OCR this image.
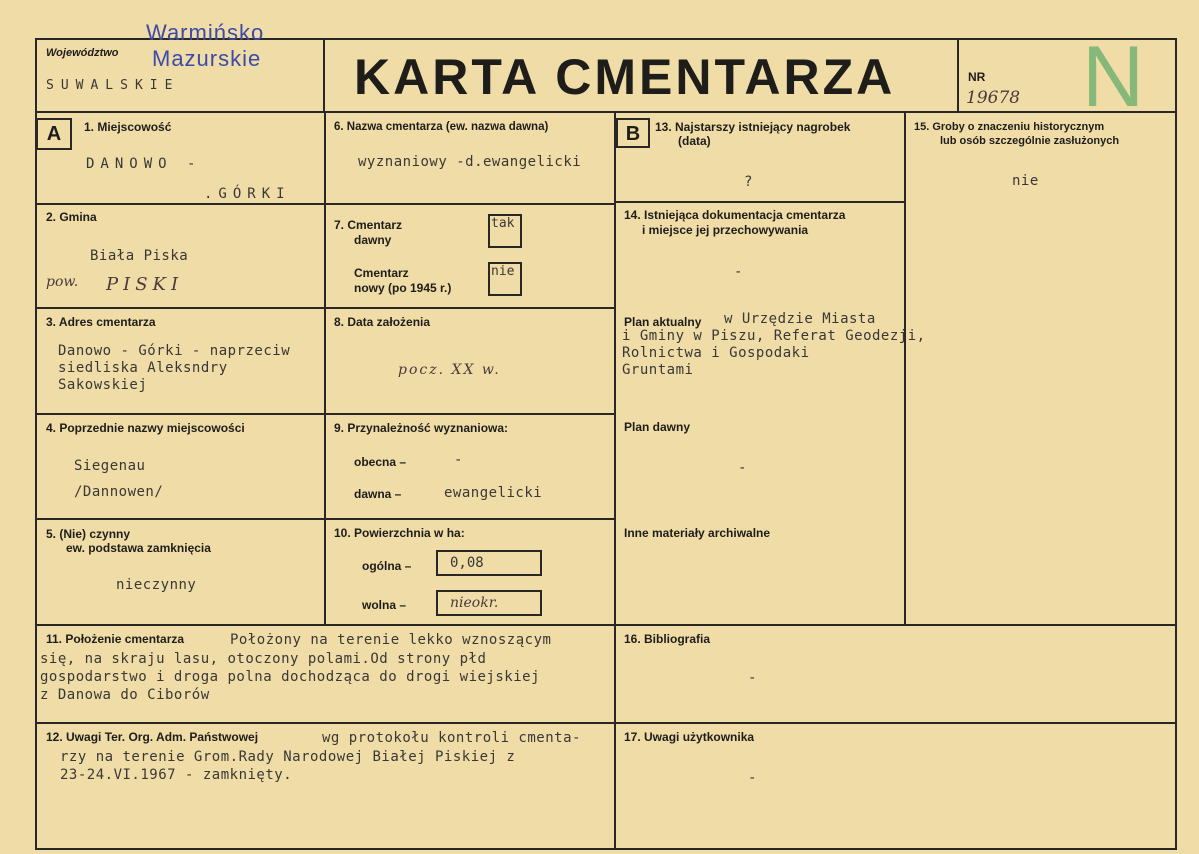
Województwo
SUWALSKIE
Warmińsko
Mazurskie KARTA CMENTARZA	NR
19678 N
A	B
1. Miejscowość
DANOWO -
.GÓRKI
2. Gmina
Biała Piska
pow. PISKI
3. Adres cmentarza
Danowo - Górki - naprzeciw
siedliska Aleksndry
Sakowskiej
4. Poprzednie nazwy miejscowości
Siegenau
/Dannowen/
5. (Nie) czynny
ew. podstawa zamknięcia
nieczynny
6. Nazwa cmentarza (ew. nazwa dawna)
wyznaniowy -d.ewangelicki
7. Cmentarz
dawny
tak
Cmentarz
nowy (po 1945 r.)
nie
8. Data założenia
pocz. XX w.
9. Przynależność wyznaniowa:
obecna –	-
dawna –	ewangelicki
10. Powierzchnia w ha:
ogólna –	0,08
wolna –	nieokr.
11. Położenie cmentarza	Położony na terenie lekko wznoszącym
się, na skraju lasu, otoczony polami.Od strony płd
gospodarstwo i droga polna dochodząca do drogi wiejskiej
z Danowa do Ciborów
12. Uwagi Ter. Org. Adm. Państwowej	wg protokołu kontroli cmenta-
rzy na terenie Grom.Rady Narodowej Białej Piskiej z
23-24.VI.1967 - zamknięty.
13. Najstarszy istniejący nagrobek
(data)
?
14. Istniejąca dokumentacja cmentarza
i miejsce jej przechowywania
-
Plan aktualny w Urzędzie Miasta
i Gminy w Piszu, Referat Geodezji,
Rolnictwa i Gospodaki
Gruntami
Plan dawny
-
Inne materiały archiwalne
15. Groby o znaczeniu historycznym
lub osób szczególnie zasłużonych
nie
16. Bibliografia
-
17. Uwagi użytkownika
-
